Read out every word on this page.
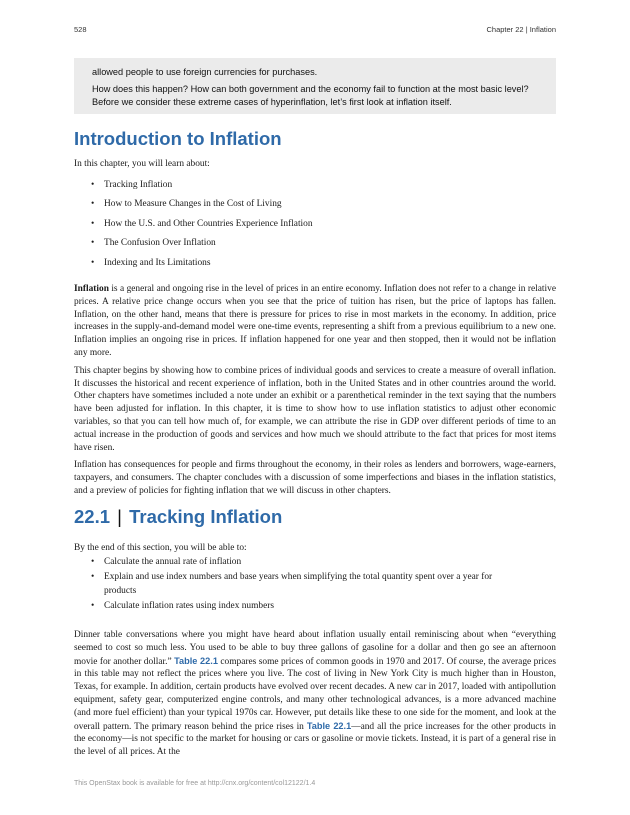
528	Chapter 22 | Inflation

allowed people to use foreign currencies for purchases.

How does this happen? How can both government and the economy fail to function at the most basic level? Before we consider these extreme cases of hyperinflation, let’s first look at inflation itself.

Introduction to Inflation
In this chapter, you will learn about:
• Tracking Inflation
• How to Measure Changes in the Cost of Living
• How the U.S. and Other Countries Experience Inflation
• The Confusion Over Inflation
• Indexing and Its Limitations

Inflation is a general and ongoing rise in the level of prices in an entire economy. Inflation does not refer to a change in relative prices. A relative price change occurs when you see that the price of tuition has risen, but the price of laptops has fallen. Inflation, on the other hand, means that there is pressure for prices to rise in most markets in the economy. In addition, price increases in the supply-and-demand model were one-time events, representing a shift from a previous equilibrium to a new one. Inflation implies an ongoing rise in prices. If inflation happened for one year and then stopped, then it would not be inflation any more.

This chapter begins by showing how to combine prices of individual goods and services to create a measure of overall inflation. It discusses the historical and recent experience of inflation, both in the United States and in other countries around the world. Other chapters have sometimes included a note under an exhibit or a parenthetical reminder in the text saying that the numbers have been adjusted for inflation. In this chapter, it is time to show how to use inflation statistics to adjust other economic variables, so that you can tell how much of, for example, we can attribute the rise in GDP over different periods of time to an actual increase in the production of goods and services and how much we should attribute to the fact that prices for most items have risen.

Inflation has consequences for people and firms throughout the economy, in their roles as lenders and borrowers, wage-earners, taxpayers, and consumers. The chapter concludes with a discussion of some imperfections and biases in the inflation statistics, and a preview of policies for fighting inflation that we will discuss in other chapters.

22.1 | Tracking Inflation
By the end of this section, you will be able to:
• Calculate the annual rate of inflation
• Explain and use index numbers and base years when simplifying the total quantity spent over a year for products
• Calculate inflation rates using index numbers

Dinner table conversations where you might have heard about inflation usually entail reminiscing about when “everything seemed to cost so much less. You used to be able to buy three gallons of gasoline for a dollar and then go see an afternoon movie for another dollar.” Table 22.1 compares some prices of common goods in 1970 and 2017. Of course, the average prices in this table may not reflect the prices where you live. The cost of living in New York City is much higher than in Houston, Texas, for example. In addition, certain products have evolved over recent decades. A new car in 2017, loaded with antipollution equipment, safety gear, computerized engine controls, and many other technological advances, is a more advanced machine (and more fuel efficient) than your typical 1970s car. However, put details like these to one side for the moment, and look at the overall pattern. The primary reason behind the price rises in Table 22.1—and all the price increases for the other products in the economy—is not specific to the market for housing or cars or gasoline or movie tickets. Instead, it is part of a general rise in the level of all prices. At the

This OpenStax book is available for free at http://cnx.org/content/col12122/1.4
